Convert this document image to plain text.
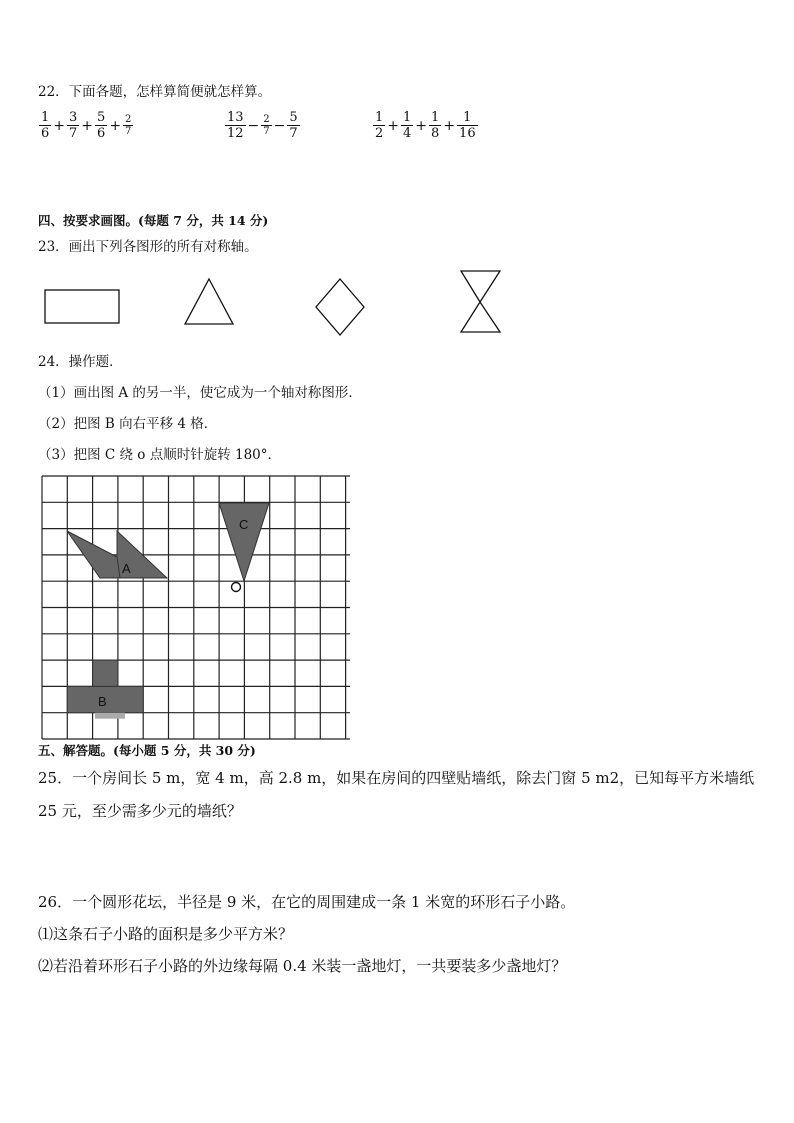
22．下面各题，怎样算简便就怎样算。
$\frac{1}{6} + \frac{3}{7} + \frac{5}{6} + \frac{2}{7}$	$\frac{13}{12} - \frac{2}{7} - \frac{5}{7}$	$\frac{1}{2} + \frac{1}{4} + \frac{1}{8} + \frac{1}{16}$
四、按要求画图。(每题 7 分，共 14 分)
23．画出下列各图形的所有对称轴。
24．操作题．
（1）画出图 A 的另一半，使它成为一个轴对称图形．
（2）把图 B 向右平移 4 格．
（3）把图 C 绕 o 点顺时针旋转 180°．
A
C
B
五、解答题。(每小题 5 分，共 30 分)
25．一个房间长 5 m，宽 4 m，高 2.8 m，如果在房间的四壁贴墙纸，除去门窗 5 m2，已知每平方米墙纸
25 元，至少需多少元的墙纸？
26．一个圆形花坛，半径是 9 米，在它的周围建成一条 1 米宽的环形石子小路。
⑴这条石子小路的面积是多少平方米？
⑵若沿着环形石子小路的外边缘每隔 0.4 米装一盏地灯，一共要装多少盏地灯？
